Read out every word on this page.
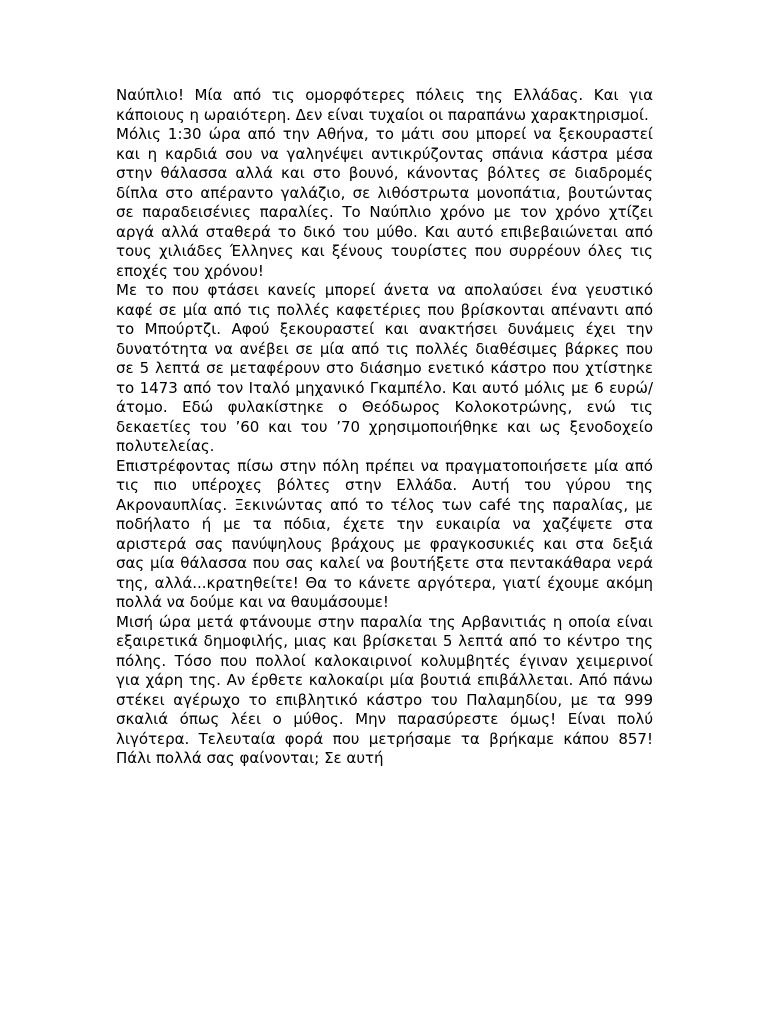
Ναύπλιο! Μία από τις ομορφότερες πόλεις της Ελλάδας. Και για κάποιους η ωραιότερη. Δεν είναι τυχαίοι οι παραπάνω χαρακτηρισμοί.

Μόλις 1:30 ώρα από την Αθήνα, το μάτι σου μπορεί να ξεκουραστεί και η καρδιά σου να γαληνέψει αντικρύζοντας σπάνια κάστρα μέσα στην θάλασσα αλλά και στο βουνό, κάνοντας βόλτες σε διαδρομές δίπλα στο απέραντο γαλάζιο, σε λιθόστρωτα μονοπάτια, βουτώντας σε παραδεισένιες παραλίες. Το Ναύπλιο χρόνο με τον χρόνο χτίζει αργά αλλά σταθερά το δικό του μύθο. Και αυτό επιβεβαιώνεται από τους χιλιάδες Έλληνες και ξένους τουρίστες που συρρέουν όλες τις εποχές του χρόνου!

Με το που φτάσει κανείς μπορεί άνετα να απολαύσει ένα γευστικό καφέ σε μία από τις πολλές καφετέριες που βρίσκονται απέναντι από το Μπούρτζι. Αφού ξεκουραστεί και ανακτήσει δυνάμεις έχει την δυνατότητα να ανέβει σε μία από τις πολλές διαθέσιμες βάρκες που σε 5 λεπτά σε μεταφέρουν στο διάσημο ενετικό κάστρο που χτίστηκε το 1473 από τον Ιταλό μηχανικό Γκαμπέλο. Και αυτό μόλις με 6 ευρώ/ άτομο. Εδώ φυλακίστηκε ο Θεόδωρος Κολοκοτρώνης, ενώ τις δεκαετίες του ’60 και του ’70 χρησιμοποιήθηκε και ως ξενοδοχείο πολυτελείας.

Επιστρέφοντας πίσω στην πόλη πρέπει να πραγματοποιήσετε μία από τις πιο υπέροχες βόλτες στην Ελλάδα. Αυτή του γύρου της Ακροναυπλίας. Ξεκινώντας από το τέλος των café της παραλίας, με ποδήλατο ή με τα πόδια, έχετε την ευκαιρία να χαζέψετε στα αριστερά σας πανύψηλους βράχους με φραγκοσυκιές και στα δεξιά σας μία θάλασσα που σας καλεί να βουτήξετε στα πεντακάθαρα νερά της, αλλά...κρατηθείτε! Θα το κάνετε αργότερα, γιατί έχουμε ακόμη πολλά να δούμε και να θαυμάσουμε!

Μισή ώρα μετά φτάνουμε στην παραλία της Αρβανιτιάς η οποία είναι εξαιρετικά δημοφιλής, μιας και βρίσκεται 5 λεπτά από το κέντρο της πόλης. Τόσο που πολλοί καλοκαιρινοί κολυμβητές έγιναν χειμερινοί για χάρη της. Αν έρθετε καλοκαίρι μία βουτιά επιβάλλεται. Από πάνω στέκει αγέρωχο το επιβλητικό κάστρο του Παλαμηδίου, με τα 999 σκαλιά όπως λέει ο μύθος. Μην παρασύρεστε όμως! Είναι πολύ λιγότερα. Τελευταία φορά που μετρήσαμε τα βρήκαμε κάπου 857! Πάλι πολλά σας φαίνονται; Σε αυτή
